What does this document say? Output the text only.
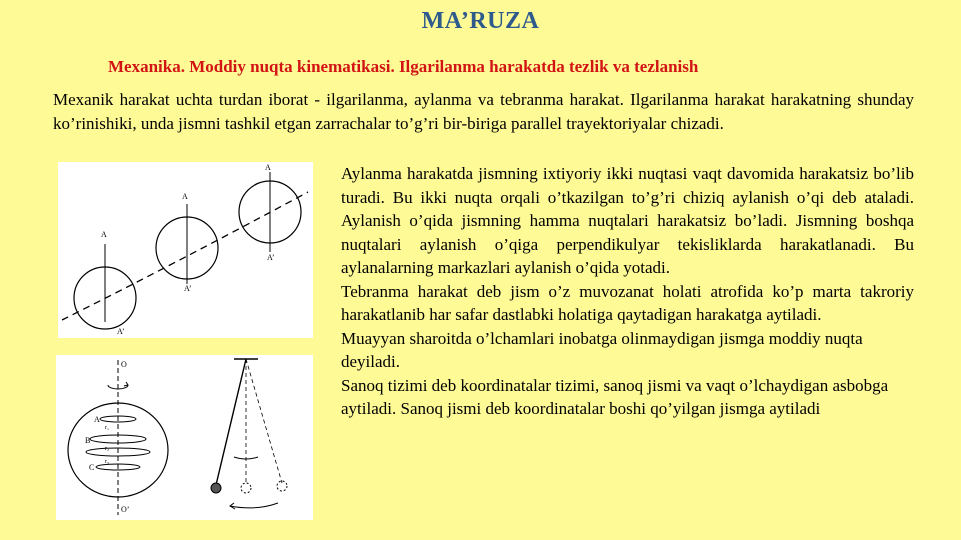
MA’RUZA
Mexanika. Moddiy nuqta kinematikasi. Ilgarilanma harakatda tezlik va tezlanish

Mexanik harakat uchta turdan iborat - ilgarilanma, aylanma va tebranma harakat. Ilgarilanma harakat harakatning shunday ko’rinishiki, unda jismni tashkil etgan zarrachalar to’g’ri bir-biriga parallel trayektoriyalar chizadi.

Aylanma harakatda jismning ixtiyoriy ikki nuqtasi vaqt davomida harakatsiz bo’lib turadi. Bu ikki nuqta orqali o’tkazilgan to’g’ri chiziq aylanish o’qi deb ataladi. Aylanish o’qida jismning hamma nuqtalari harakatsiz bo’ladi. Jismning boshqa nuqtalari aylanish o’qiga perpendikulyar tekisliklarda harakatlanadi. Bu aylanalarning markazlari aylanish o’qida yotadi.

Tebranma harakat deb jism o’z muvozanat holati atrofida ko’p marta takroriy harakatlanib har safar dastlabki holatiga qaytadigan harakatga aytiladi.

Muayyan sharoitda o’lchamlari inobatga olinmaydigan jismga moddiy nuqta deyiladi.

Sanoq tizimi deb koordinatalar tizimi, sanoq jismi va vaqt o’lchaydigan asbobga aytiladi. Sanoq jismi deb koordinatalar boshi qo’yilgan jismga aytiladi

A
A
A
A’
A’
A’
O
A
B
C
r₁
r₂
r₃
O’
